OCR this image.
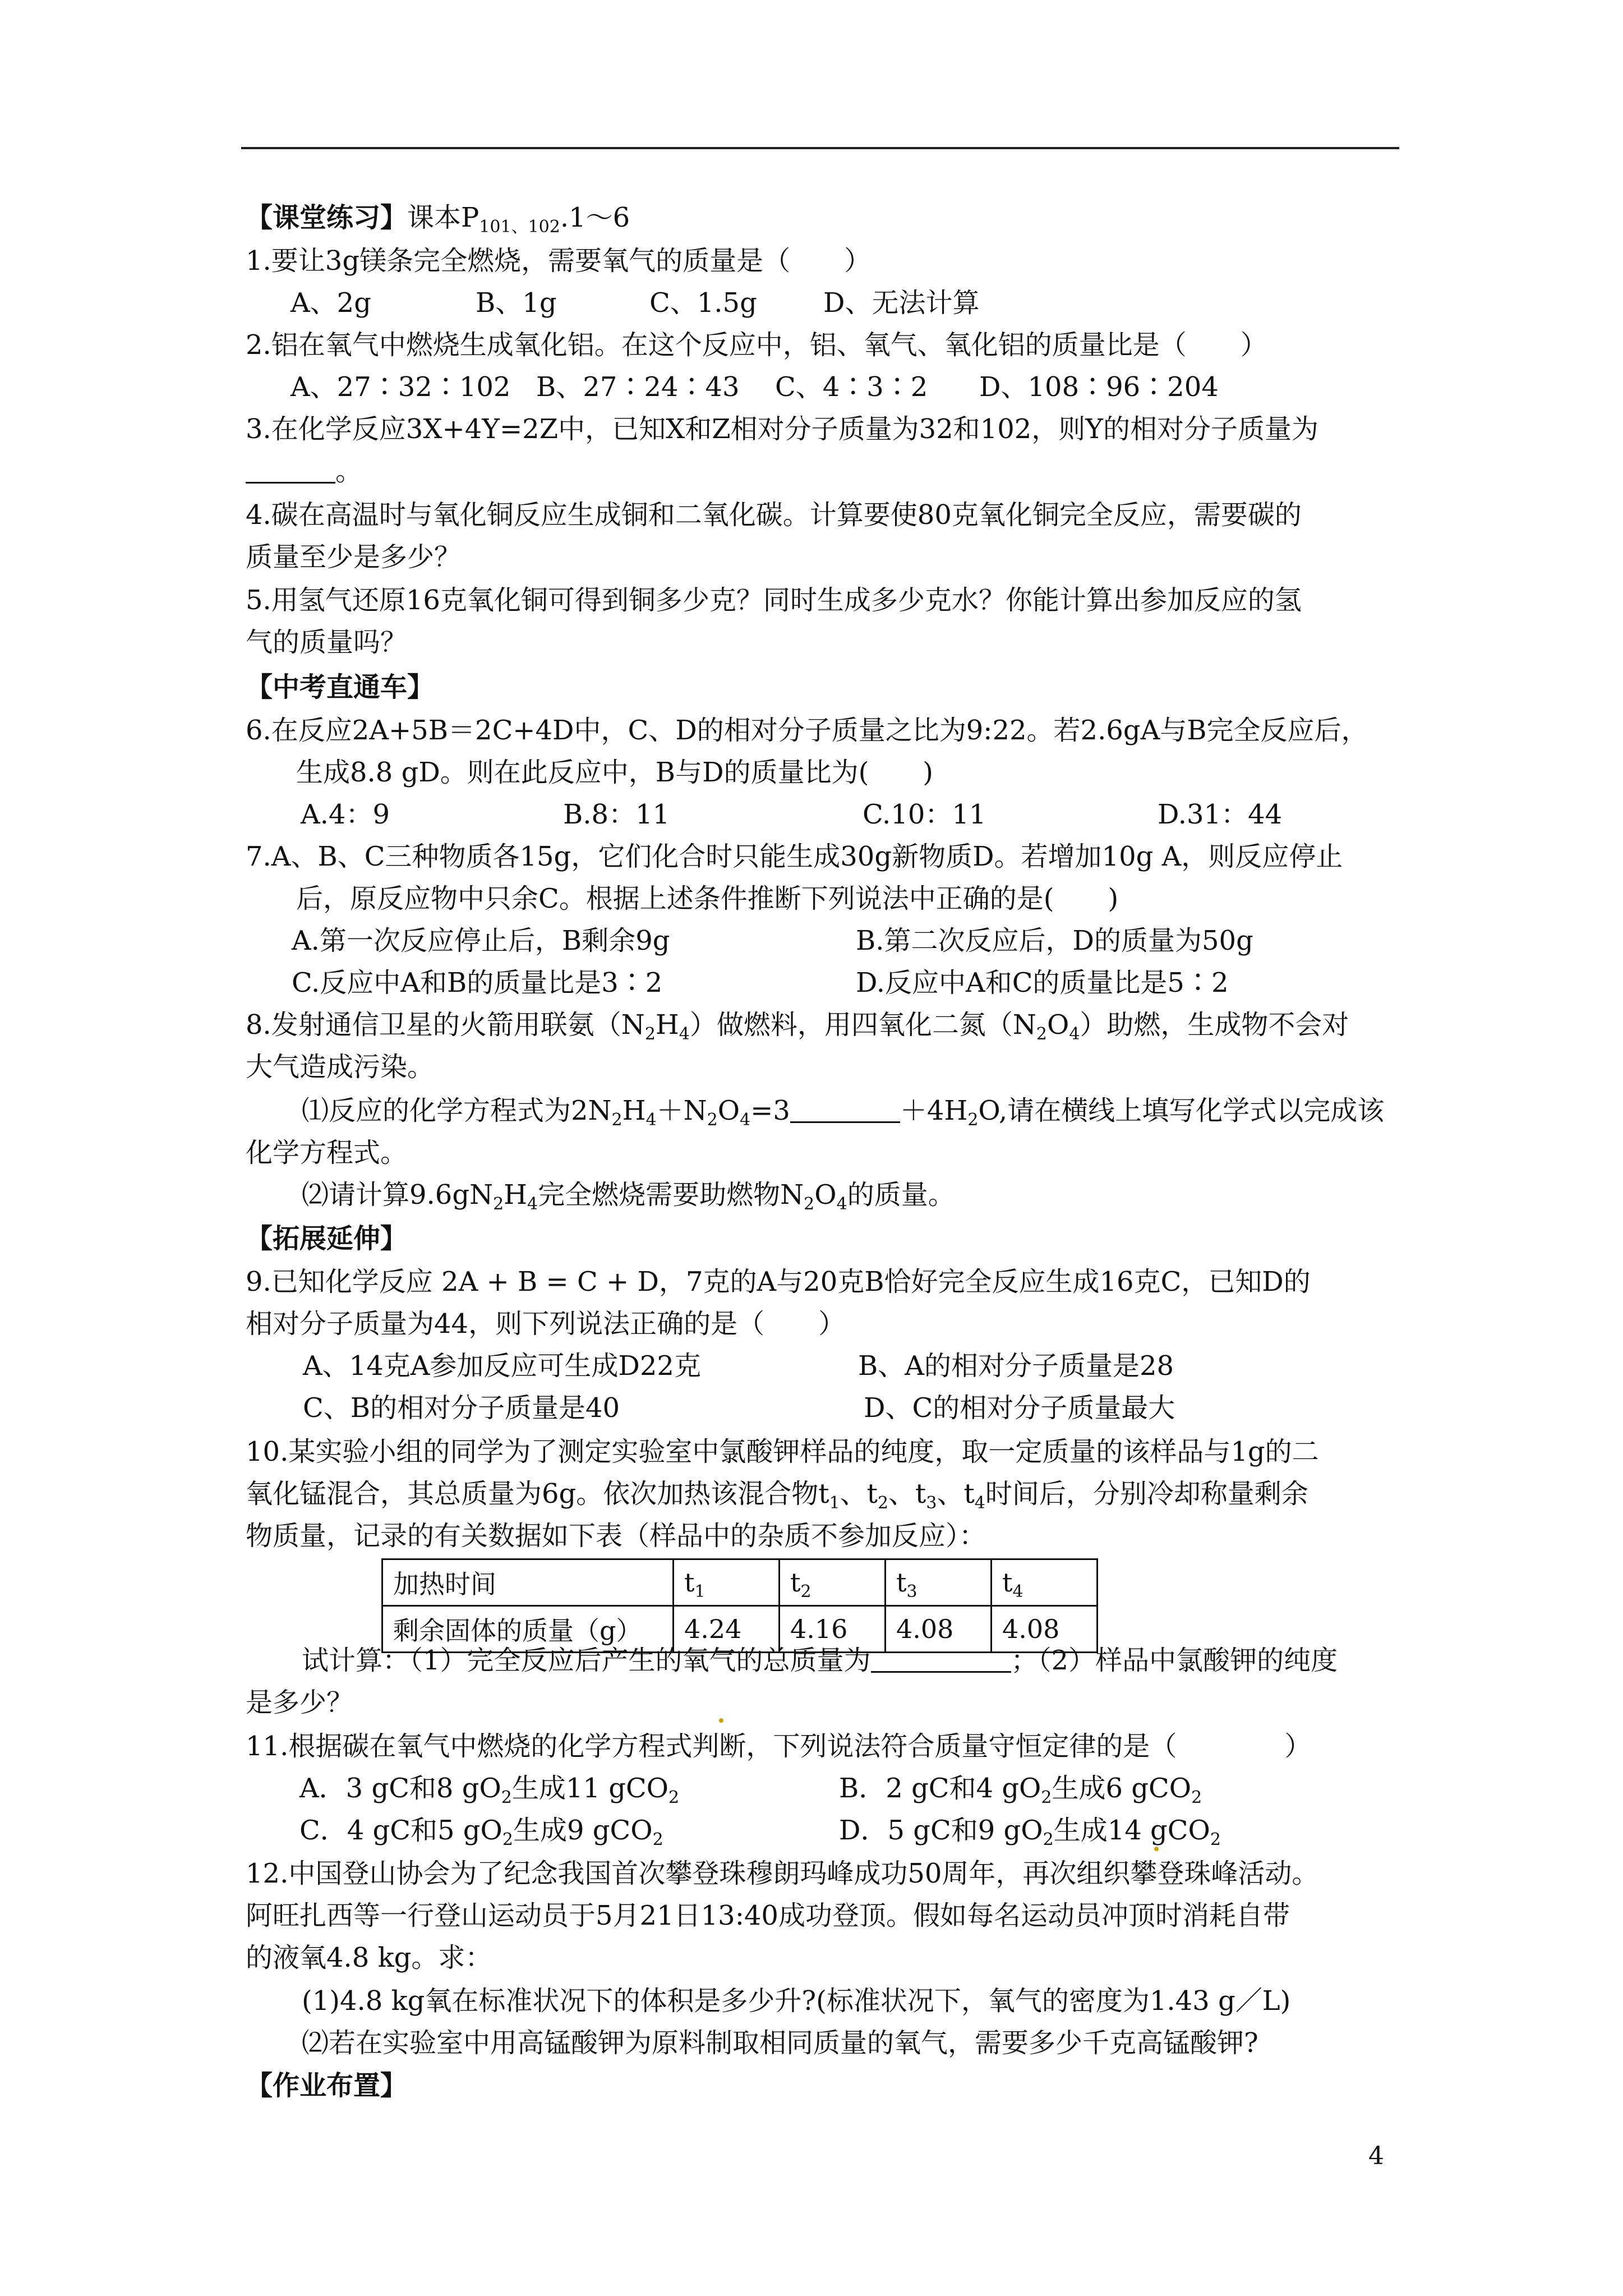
【课堂练习】课本$P_{101、102}.1\sim 6$
1.要让3g镁条完全燃烧，需要氧气的质量是（　　）
A、2g	B、1g	C、1.5g D、无法计算
2.铝在氧气中燃烧生成氧化铝。在这个反应中，铝、氧气、氧化铝的质量比是（　　）
A、27∶32∶102 B、27∶24∶43 C、4∶3∶2 D、108∶96∶204
3.在化学反应3X+4Y=2Z中，已知X和Z相对分子质量为32和102，则Y的相对分子质量为
。
4.碳在高温时与氧化铜反应生成铜和二氧化碳。计算要使80克氧化铜完全反应，需要碳的
质量至少是多少？
5.用氢气还原16克氧化铜可得到铜多少克？同时生成多少克水？你能计算出参加反应的氢
气的质量吗？
【中考直通车】
6.在反应2A+5B＝2C+4D中，C、D的相对分子质量之比为9:22。若2.6gA与B完全反应后，
生成8.8 gD。则在此反应中，B与D的质量比为(　　)
A.4：9	B.8：11	C.10：11	D.31：44
7.A、B、C三种物质各15g，它们化合时只能生成30g新物质D。若增加10g A，则反应停止
后，原反应物中只余C。根据上述条件推断下列说法中正确的是(　　)
A.第一次反应停止后，B剩余9g	B.第二次反应后，D的质量为50g
C.反应中A和B的质量比是3∶2	D.反应中A和C的质量比是5∶2
8.发射通信卫星的火箭用联氨$(N_2H_4)$做燃料，用四氧化二氮$(N_2O_4)$助燃，生成物不会对
大气造成污染。
⑴反应的化学方程式为$2N_2H_4+N_2O_4=3$	$+4H_2O$,请在横线上填写化学式以完成该
化学方程式。
⑵请计算$9.6gN_2H_4$完全燃烧需要助燃物$N_2O_4$的质量。
【拓展延伸】
9.已知化学反应 2A + B = C + D，7克的A与20克B恰好完全反应生成16克C，已知D的
相对分子质量为44，则下列说法正确的是（　　）
A、14克A参加反应可生成D22克	B、A的相对分子质量是28
C、B的相对分子质量是40	D、C的相对分子质量最大
10.某实验小组的同学为了测定实验室中氯酸钾样品的纯度，取一定质量的该样品与1g的二
氧化锰混合，其总质量为6g。依次加热该混合物$t_1$、$t_2$、$t_3$、$t_4$时间后，分别冷却称量剩余
物质量，记录的有关数据如下表（样品中的杂质不参加反应）：
加热时间	$t_1$	$t_2$	$t_3$	$t_4$
剩余固体的质量（g）	4.24	4.16	4.08	4.08
试计算：（1）完全反应后产生的氧气的总质量为	；（2）样品中氯酸钾的纯度
是多少？
11.根据碳在氧气中燃烧的化学方程式判断，下列说法符合质量守恒定律的是（　　　　）
A．3 gC和8 $gO_2$生成11 gCO$_2$	B．2 gC和4 $gO_2$生成6 gCO$_2$
C．4 gC和5 $gO_2$生成9 gCO$_2$	D．5 gC和9 $gO_2$生成14 gCO$_2$
12.中国登山协会为了纪念我国首次攀登珠穆朗玛峰成功50周年，再次组织攀登珠峰活动。
阿旺扎西等一行登山运动员于5月21日13:40成功登顶。假如每名运动员冲顶时消耗自带
的液氧4.8 kg。求：
(1)4.8 kg氧在标准状况下的体积是多少升?(标准状况下，氧气的密度为1.43 g／L)
⑵若在实验室中用高锰酸钾为原料制取相同质量的氧气，需要多少千克高锰酸钾?
【作业布置】
4
